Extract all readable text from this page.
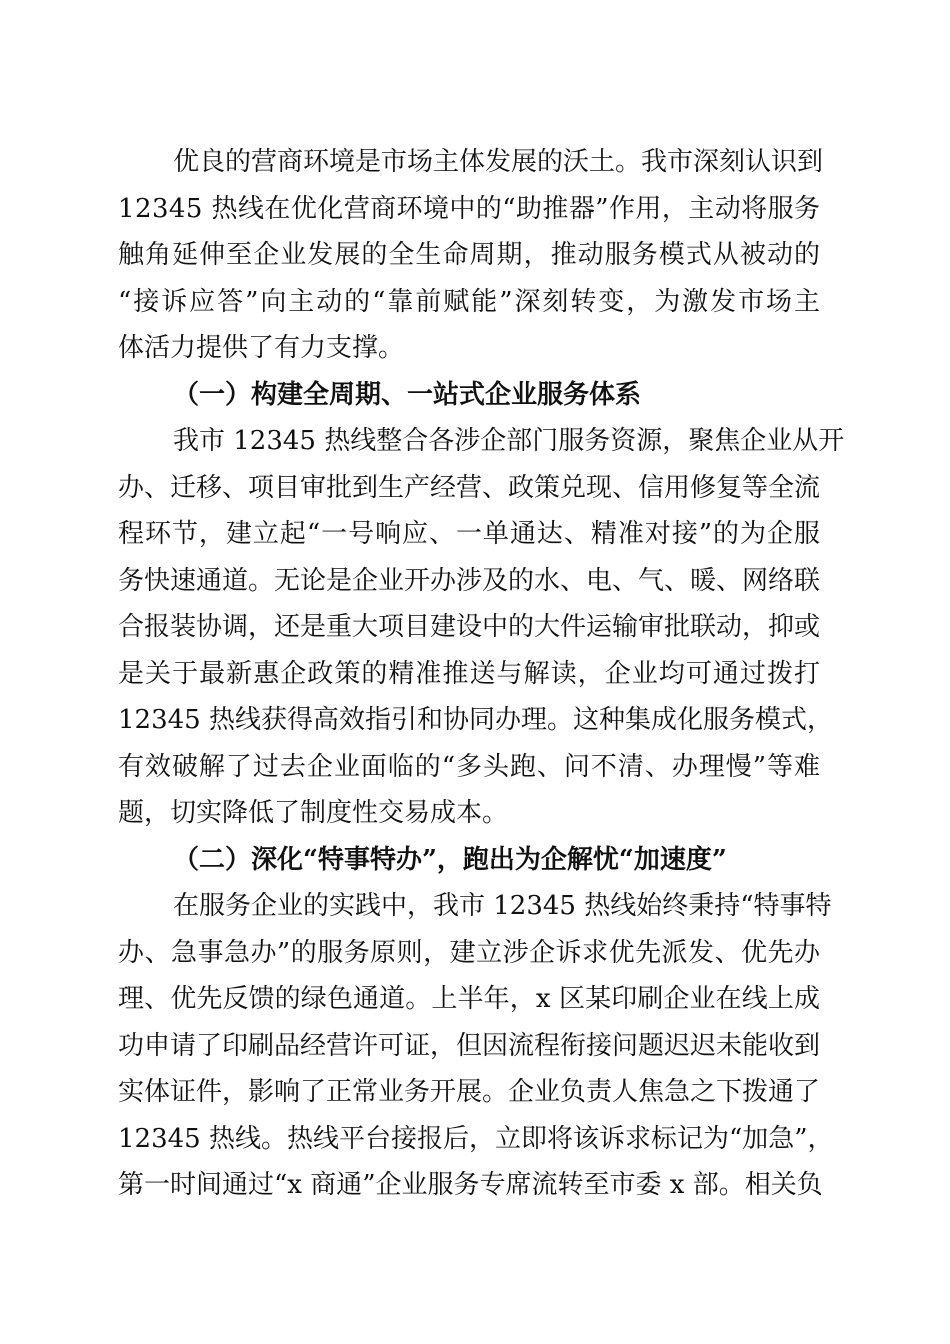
优良的营商环境是市场主体发展的沃土。我市深刻认识到
12345 热线在优化营商环境中的“助推器”作用，主动将服务
触角延伸至企业发展的全生命周期，推动服务模式从被动的
“接诉应答”向主动的“靠前赋能”深刻转变，为激发市场主
体活力提供了有力支撑。
（一）构建全周期、一站式企业服务体系
我市 12345 热线整合各涉企部门服务资源，聚焦企业从开
办、迁移、项目审批到生产经营、政策兑现、信用修复等全流
程环节，建立起“一号响应、一单通达、精准对接”的为企服
务快速通道。无论是企业开办涉及的水、电、气、暖、网络联
合报装协调，还是重大项目建设中的大件运输审批联动，抑或
是关于最新惠企政策的精准推送与解读，企业均可通过拨打
12345 热线获得高效指引和协同办理。这种集成化服务模式，
有效破解了过去企业面临的“多头跑、问不清、办理慢”等难
题，切实降低了制度性交易成本。
（二）深化“特事特办”，跑出为企解忧“加速度”
在服务企业的实践中，我市 12345 热线始终秉持“特事特
办、急事急办”的服务原则，建立涉企诉求优先派发、优先办
理、优先反馈的绿色通道。上半年，x 区某印刷企业在线上成
功申请了印刷品经营许可证，但因流程衔接问题迟迟未能收到
实体证件，影响了正常业务开展。企业负责人焦急之下拨通了
12345 热线。热线平台接报后，立即将该诉求标记为“加急”，
第一时间通过“x 商通”企业服务专席流转至市委 x 部。相关负
